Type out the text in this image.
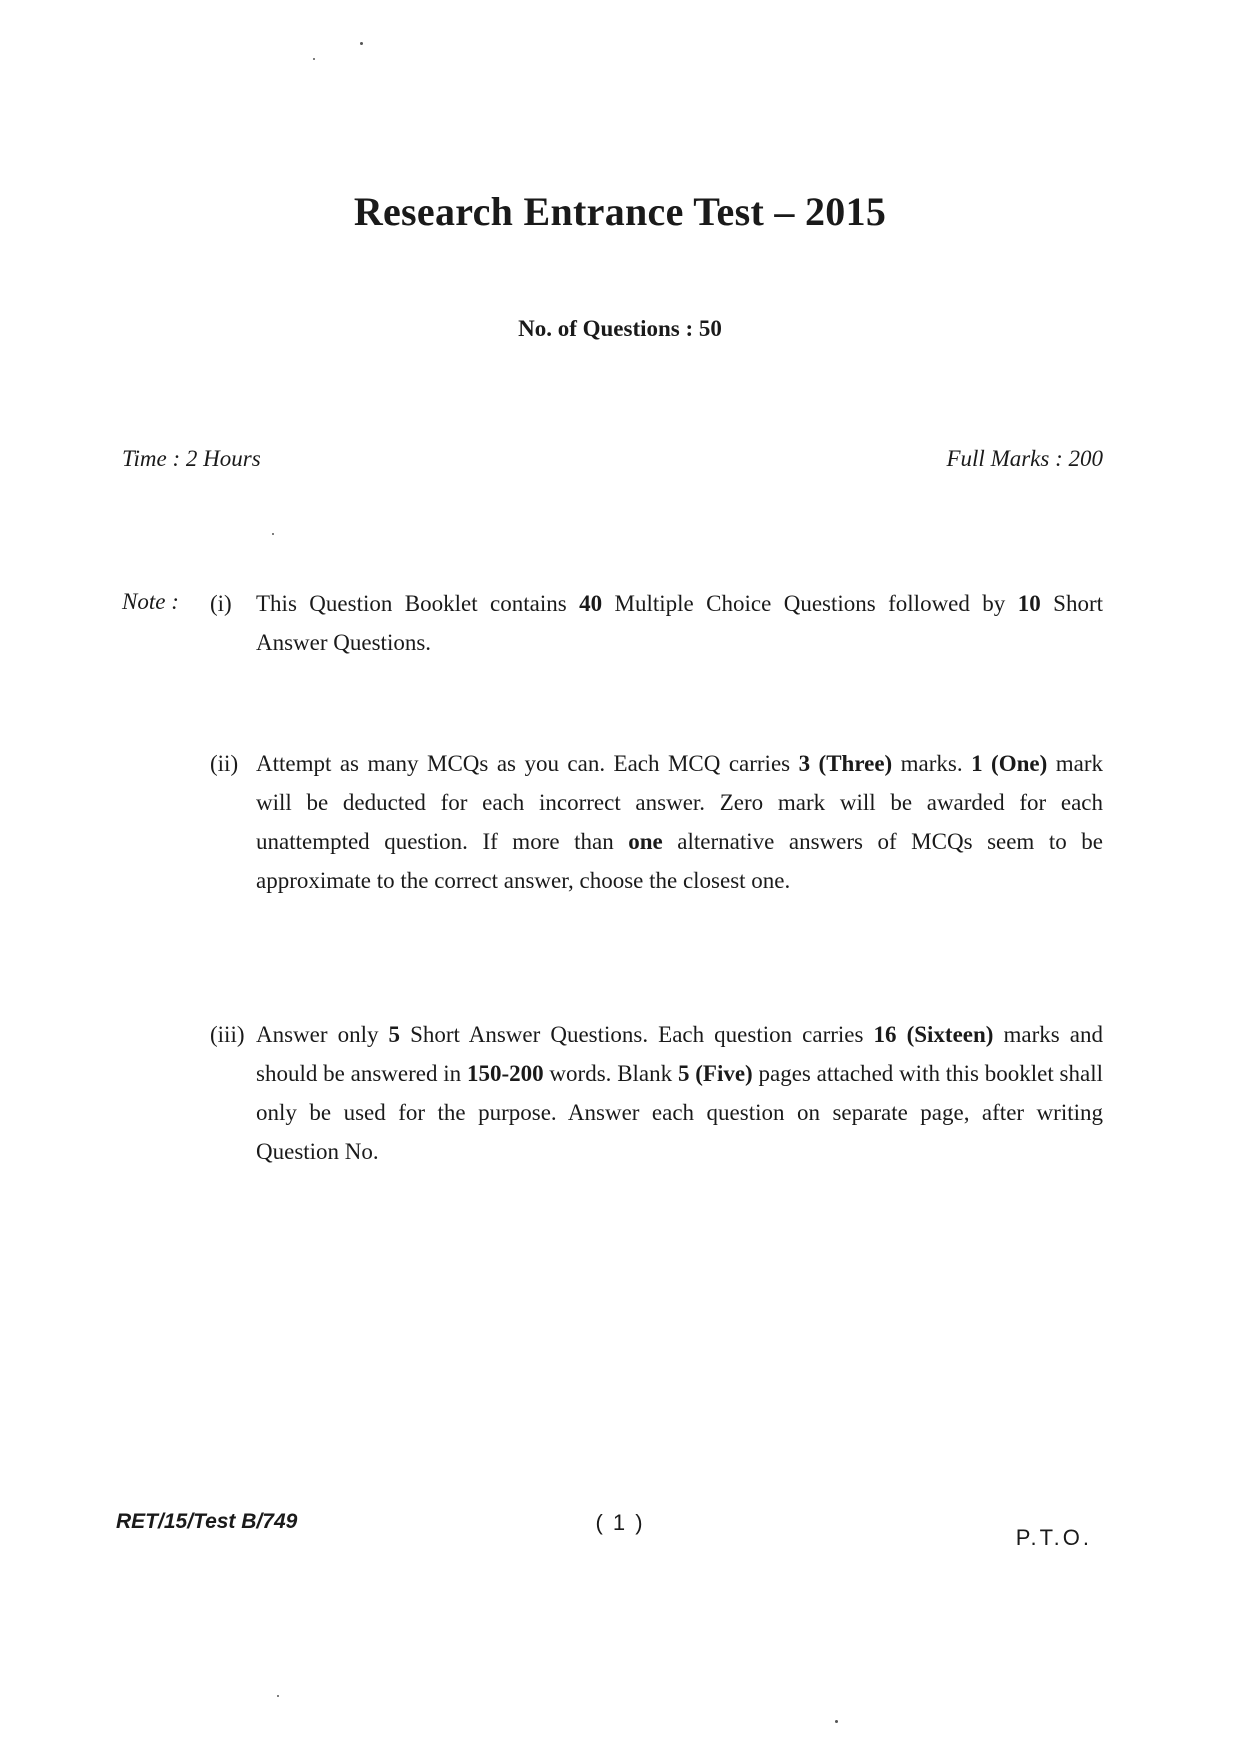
Research Entrance Test – 2015
No. of Questions : 50
Time : 2 Hours	Full Marks : 200
Note : (i) This Question Booklet contains 40 Multiple Choice Questions followed by 10 Short Answer Questions.
(ii) Attempt as many MCQs as you can. Each MCQ carries 3 (Three) marks. 1 (One) mark will be deducted for each incorrect answer. Zero mark will be awarded for each unattempted question. If more than one alternative answers of MCQs seem to be approximate to the correct answer, choose the closest one.
(iii) Answer only 5 Short Answer Questions. Each question carries 16 (Sixteen) marks and should be answered in 150-200 words. Blank 5 (Five) pages attached with this booklet shall only be used for the purpose. Answer each question on separate page, after writing Question No.
RET/15/Test B/749	( 1 )
P.T.O.
